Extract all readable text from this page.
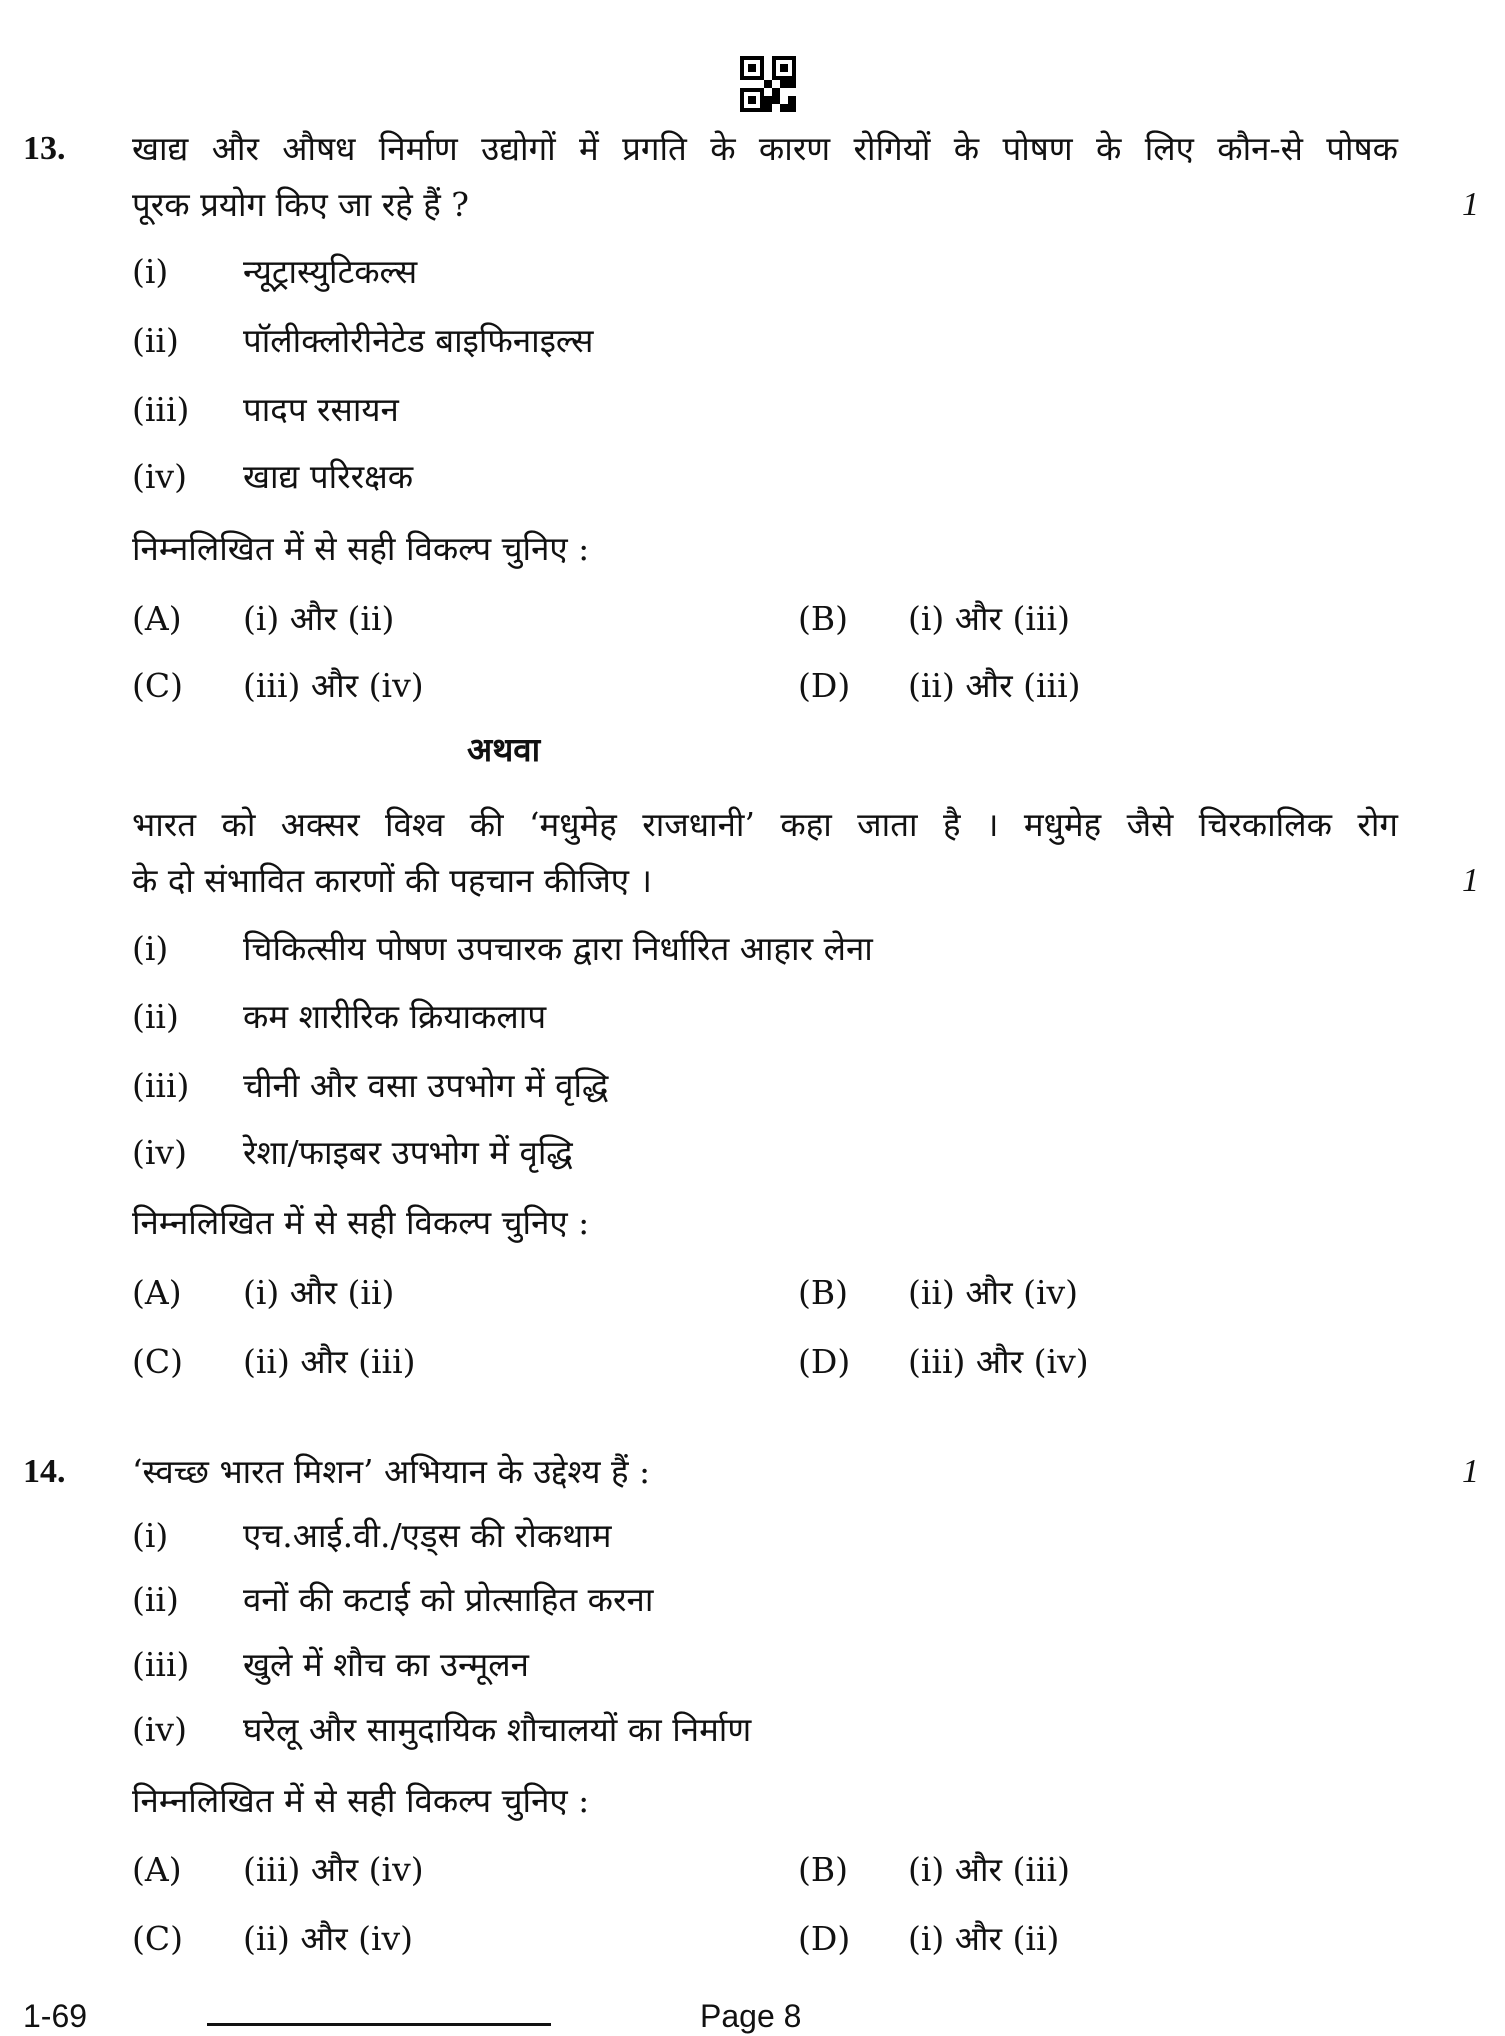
13. खाद्य और औषध निर्माण उद्योगों में प्रगति के कारण रोगियों के पोषण के लिए कौन-से पोषक
पूरक प्रयोग किए जा रहे हैं ?	1
(i) न्यूट्रास्युटिकल्स
(ii) पॉलीक्लोरीनेटेड बाइफिनाइल्स
(iii) पादप रसायन
(iv) खाद्य परिरक्षक
निम्नलिखित में से सही विकल्प चुनिए :
(A) (i) और (ii)	(B) (i) और (iii)
(C) (iii) और (iv)	(D) (ii) और (iii)
अथवा
भारत को अक्सर विश्व की ‘मधुमेह राजधानी’ कहा जाता है । मधुमेह जैसे चिरकालिक रोग
के दो संभावित कारणों की पहचान कीजिए ।	1
(i) चिकित्सीय पोषण उपचारक द्वारा निर्धारित आहार लेना
(ii) कम शारीरिक क्रियाकलाप
(iii) चीनी और वसा उपभोग में वृद्धि
(iv) रेशा/फाइबर उपभोग में वृद्धि
निम्नलिखित में से सही विकल्प चुनिए :
(A) (i) और (ii)	(B) (ii) और (iv)
(C) (ii) और (iii)	(D) (iii) और (iv)
14. ‘स्वच्छ भारत मिशन’ अभियान के उद्देश्य हैं :	1
(i) एच.आई.वी./एड्स की रोकथाम
(ii) वनों की कटाई को प्रोत्साहित करना
(iii) खुले में शौच का उन्मूलन
(iv) घरेलू और सामुदायिक शौचालयों का निर्माण
निम्नलिखित में से सही विकल्प चुनिए :
(A) (iii) और (iv)	(B) (i) और (iii)
(C) (ii) और (iv)	(D) (i) और (ii)
1-69	Page 8
